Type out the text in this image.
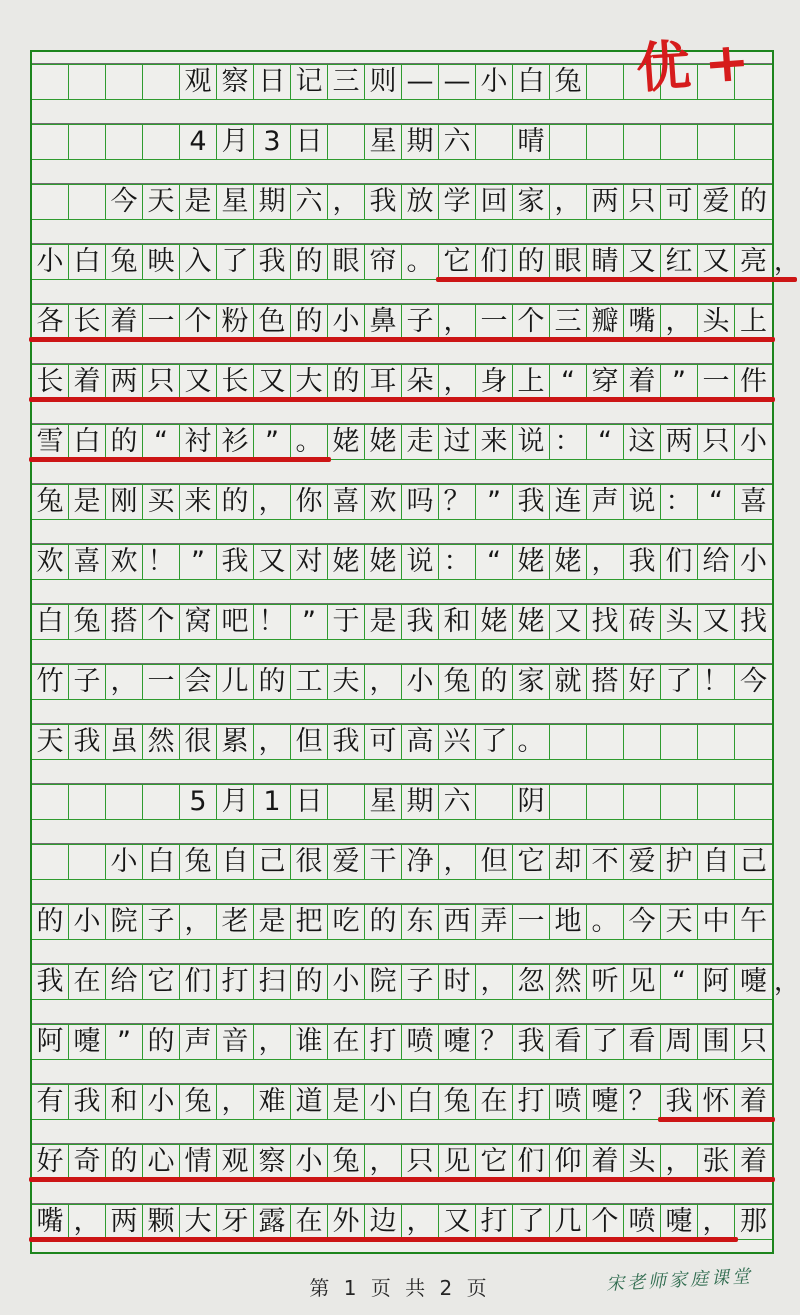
观 察 日 记 三 则 — — 小 白 兔
4 月 3 日 星 期 六 晴
今 天 是 星 期 六 ， 我 放 学 回 家 ， 两 只 可 爱 的
小 白 兔 映 入 了 我 的 眼 帘 。 它 们 的 眼 睛 又 红 又 亮 ，
各 长 着 一 个 粉 色 的 小 鼻 子 ， 一 个 三 瓣 嘴 ， 头 上
长 着 两 只 又 长 又 大 的 耳 朵 ， 身 上 “ 穿 着 ” 一 件
雪 白 的 “ 衬 衫 ” 。 姥 姥 走 过 来 说 ： “ 这 两 只 小
兔 是 刚 买 来 的 ， 你 喜 欢 吗 ？ ” 我 连 声 说 ： “ 喜
欢 喜 欢 ！ ” 我 又 对 姥 姥 说 ： “ 姥 姥 ， 我 们 给 小
白 兔 搭 个 窝 吧 ！ ” 于 是 我 和 姥 姥 又 找 砖 头 又 找
竹 子 ， 一 会 儿 的 工 夫 ， 小 兔 的 家 就 搭 好 了 ！ 今
天 我 虽 然 很 累 ， 但 我 可 高 兴 了 。
5 月 1 日 星 期 六 阴
小 白 兔 自 己 很 爱 干 净 ， 但 它 却 不 爱 护 自 己
的 小 院 子 ， 老 是 把 吃 的 东 西 弄 一 地 。 今 天 中 午
我 在 给 它 们 打 扫 的 小 院 子 时 ， 忽 然 听 见 “ 阿 嚏 ，
阿 嚏 ” 的 声 音 ， 谁 在 打 喷 嚏 ？ 我 看 了 看 周 围 只
有 我 和 小 兔 ， 难 道 是 小 白 兔 在 打 喷 嚏 ？ 我 怀 着
好 奇 的 心 情 观 察 小 兔 ， 只 见 它 们 仰 着 头 ， 张 着
嘴 ， 两 颗 大 牙 露 在 外 边 ， 又 打 了 几 个 喷 嚏 ， 那
优+
第 1 页 共 2 页	宋老师家庭课堂
